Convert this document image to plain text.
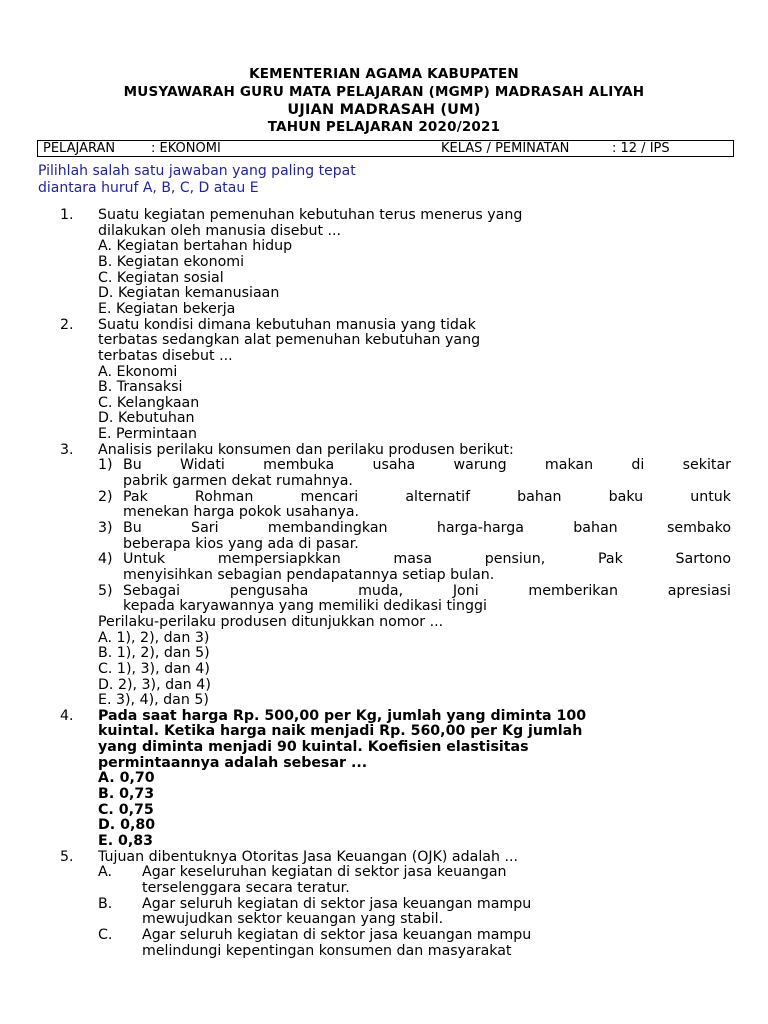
KEMENTERIAN AGAMA KABUPATEN
MUSYAWARAH GURU MATA PELAJARAN (MGMP) MADRASAH ALIYAH
UJIAN MADRASAH (UM)
TAHUN PELAJARAN 2020/2021
PELAJARAN	: EKONOMI	KELAS / PEMINATAN	: 12 / IPS
Pilihlah salah satu jawaban yang paling tepat
diantara huruf A, B, C, D atau E
1. Suatu kegiatan pemenuhan kebutuhan terus menerus yang
dilakukan oleh manusia disebut ...
A. Kegiatan bertahan hidup
B. Kegiatan ekonomi
C. Kegiatan sosial
D. Kegiatan kemanusiaan
E. Kegiatan bekerja
2. Suatu kondisi dimana kebutuhan manusia yang tidak
terbatas sedangkan alat pemenuhan kebutuhan yang
terbatas disebut ...
A. Ekonomi
B. Transaksi
C. Kelangkaan
D. Kebutuhan
E. Permintaan
3. Analisis perilaku konsumen dan perilaku produsen berikut:
1) Bu Widati membuka usaha warung makan di sekitar
pabrik garmen dekat rumahnya.
2) Pak Rohman mencari alternatif bahan baku untuk
menekan harga pokok usahanya.
3) Bu Sari membandingkan harga-harga bahan sembako
beberapa kios yang ada di pasar.
4) Untuk mempersiapkkan masa pensiun, Pak Sartono
menyisihkan sebagian pendapatannya setiap bulan.
5) Sebagai pengusaha muda, Joni memberikan apresiasi
kepada karyawannya yang memiliki dedikasi tinggi
Perilaku-perilaku produsen ditunjukkan nomor ...
A. 1), 2), dan 3)
B. 1), 2), dan 5)
C. 1), 3), dan 4)
D. 2), 3), dan 4)
E. 3), 4), dan 5)
4. Pada saat harga Rp. 500,00 per Kg, jumlah yang diminta 100
kuintal. Ketika harga naik menjadi Rp. 560,00 per Kg jumlah
yang diminta menjadi 90 kuintal. Koefisien elastisitas
permintaannya adalah sebesar ...
A. 0,70
B. 0,73
C. 0,75
D. 0,80
E. 0,83
5. Tujuan dibentuknya Otoritas Jasa Keuangan (OJK) adalah ...
A. Agar keseluruhan kegiatan di sektor jasa keuangan
terselenggara secara teratur.
B. Agar seluruh kegiatan di sektor jasa keuangan mampu
mewujudkan sektor keuangan yang stabil.
C. Agar seluruh kegiatan di sektor jasa keuangan mampu
melindungi kepentingan konsumen dan masyarakat
